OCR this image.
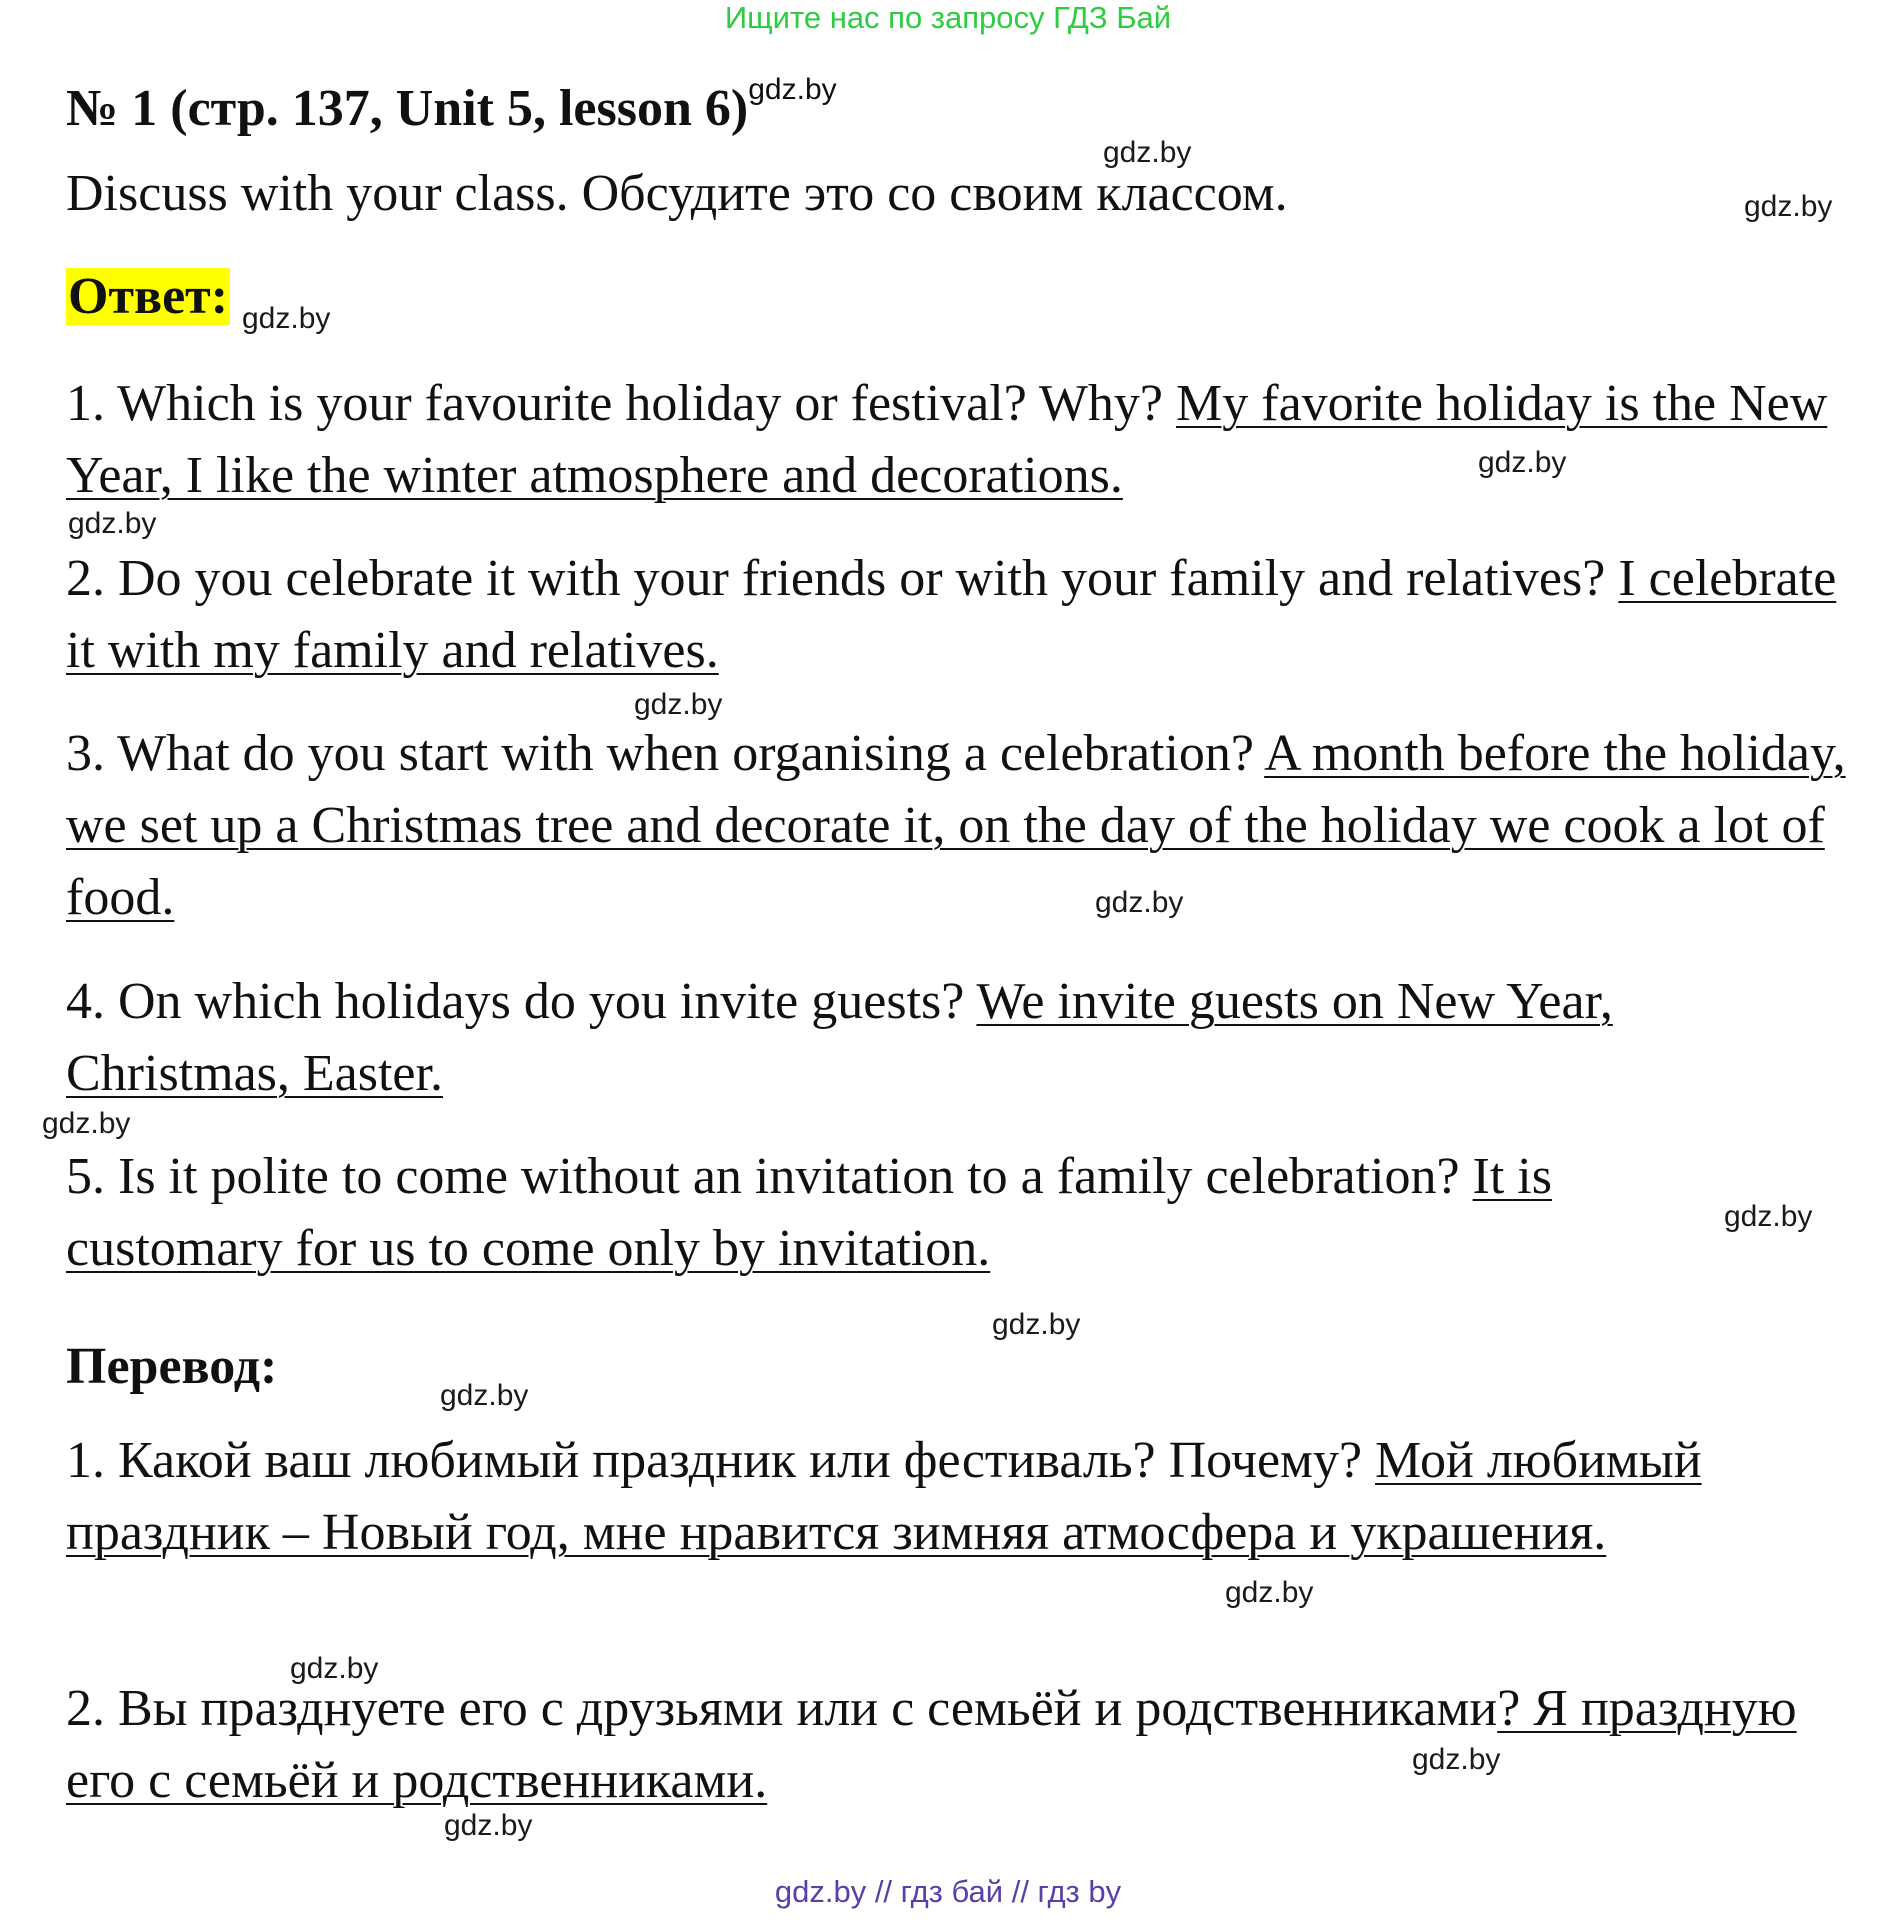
Ищите нас по запросу ГДЗ Бай
№ 1 (стр. 137, Unit 5, lesson 6)$^{gdz.by}$
gdz.by
Discuss with your class. Обсудите это со своим классом.	gdz.by
Ответ: gdz.by

1. Which is your favourite holiday or festival? Why? My favorite holiday is the New Year, I like the winter atmosphere and decorations.	gdz.by
gdz.by

2. Do you celebrate it with your friends or with your family and relatives? I celebrate it with my family and relatives.

gdz.by

3. What do you start with when organising a celebration? A month before the holiday, we set up a Christmas tree and decorate it, on the day of the holiday we cook a lot of food.	gdz.by

4. On which holidays do you invite guests? We invite guests on New Year, Christmas, Easter.

gdz.by

5. Is it polite to come without an invitation to a family celebration? It is customary for us to come only by invitation.

gdz.by
gdz.by
Перевод:
gdz.by

1. Какой ваш любимый праздник или фестиваль? Почему? Мой любимый праздник – Новый год, мне нравится зимняя атмосфера и украшения.

gdz.by
gdz.by

2. Вы празднуете его с друзьями или с семьёй и родственниками? Я праздную его с семьёй и родственниками.	gdz.by
gdz.by
gdz.by // гдз бай // гдз by
